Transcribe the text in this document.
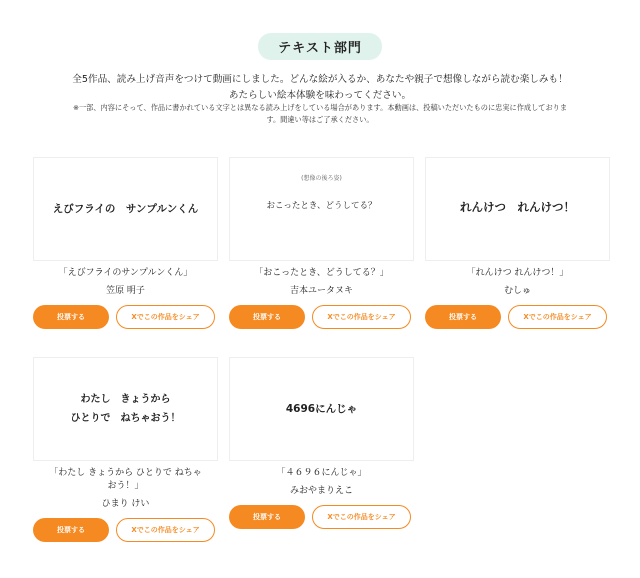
テキスト部門
全5作品、読み上げ音声をつけて動画にしました。どんな絵が入るか、あなたや親子で想像しながら読む楽しみも！あたらしい絵本体験を味わってください。
※一部、内容にそって、作品に書かれている文字とは異なる読み上げをしている場合があります。本動画は、投稿いただいたものに忠実に作成しております。間違い等はご了承ください。
えびフライの　サンプルンくん
「えびフライのサンプルンくん」
笠原 明子
投票する	Xでこの作品をシェア
(想像の後ろ姿)
おこったとき、どうしてる？
「おこったとき、どうしてる？」
吉本ユータヌキ
投票する	Xでこの作品をシェア
れんけつ　れんけつ！
「れんけつ れんけつ！」
むしゅ
投票する	Xでこの作品をシェア
わたし　きょうから
ひとりで　ねちゃおう！
「わたし きょうから ひとりで ねちゃおう！」
ひまり けい
投票する	Xでこの作品をシェア
4696にんじゃ
「４６９６にんじゃ」
みおやまりえこ
投票する	Xでこの作品をシェア
